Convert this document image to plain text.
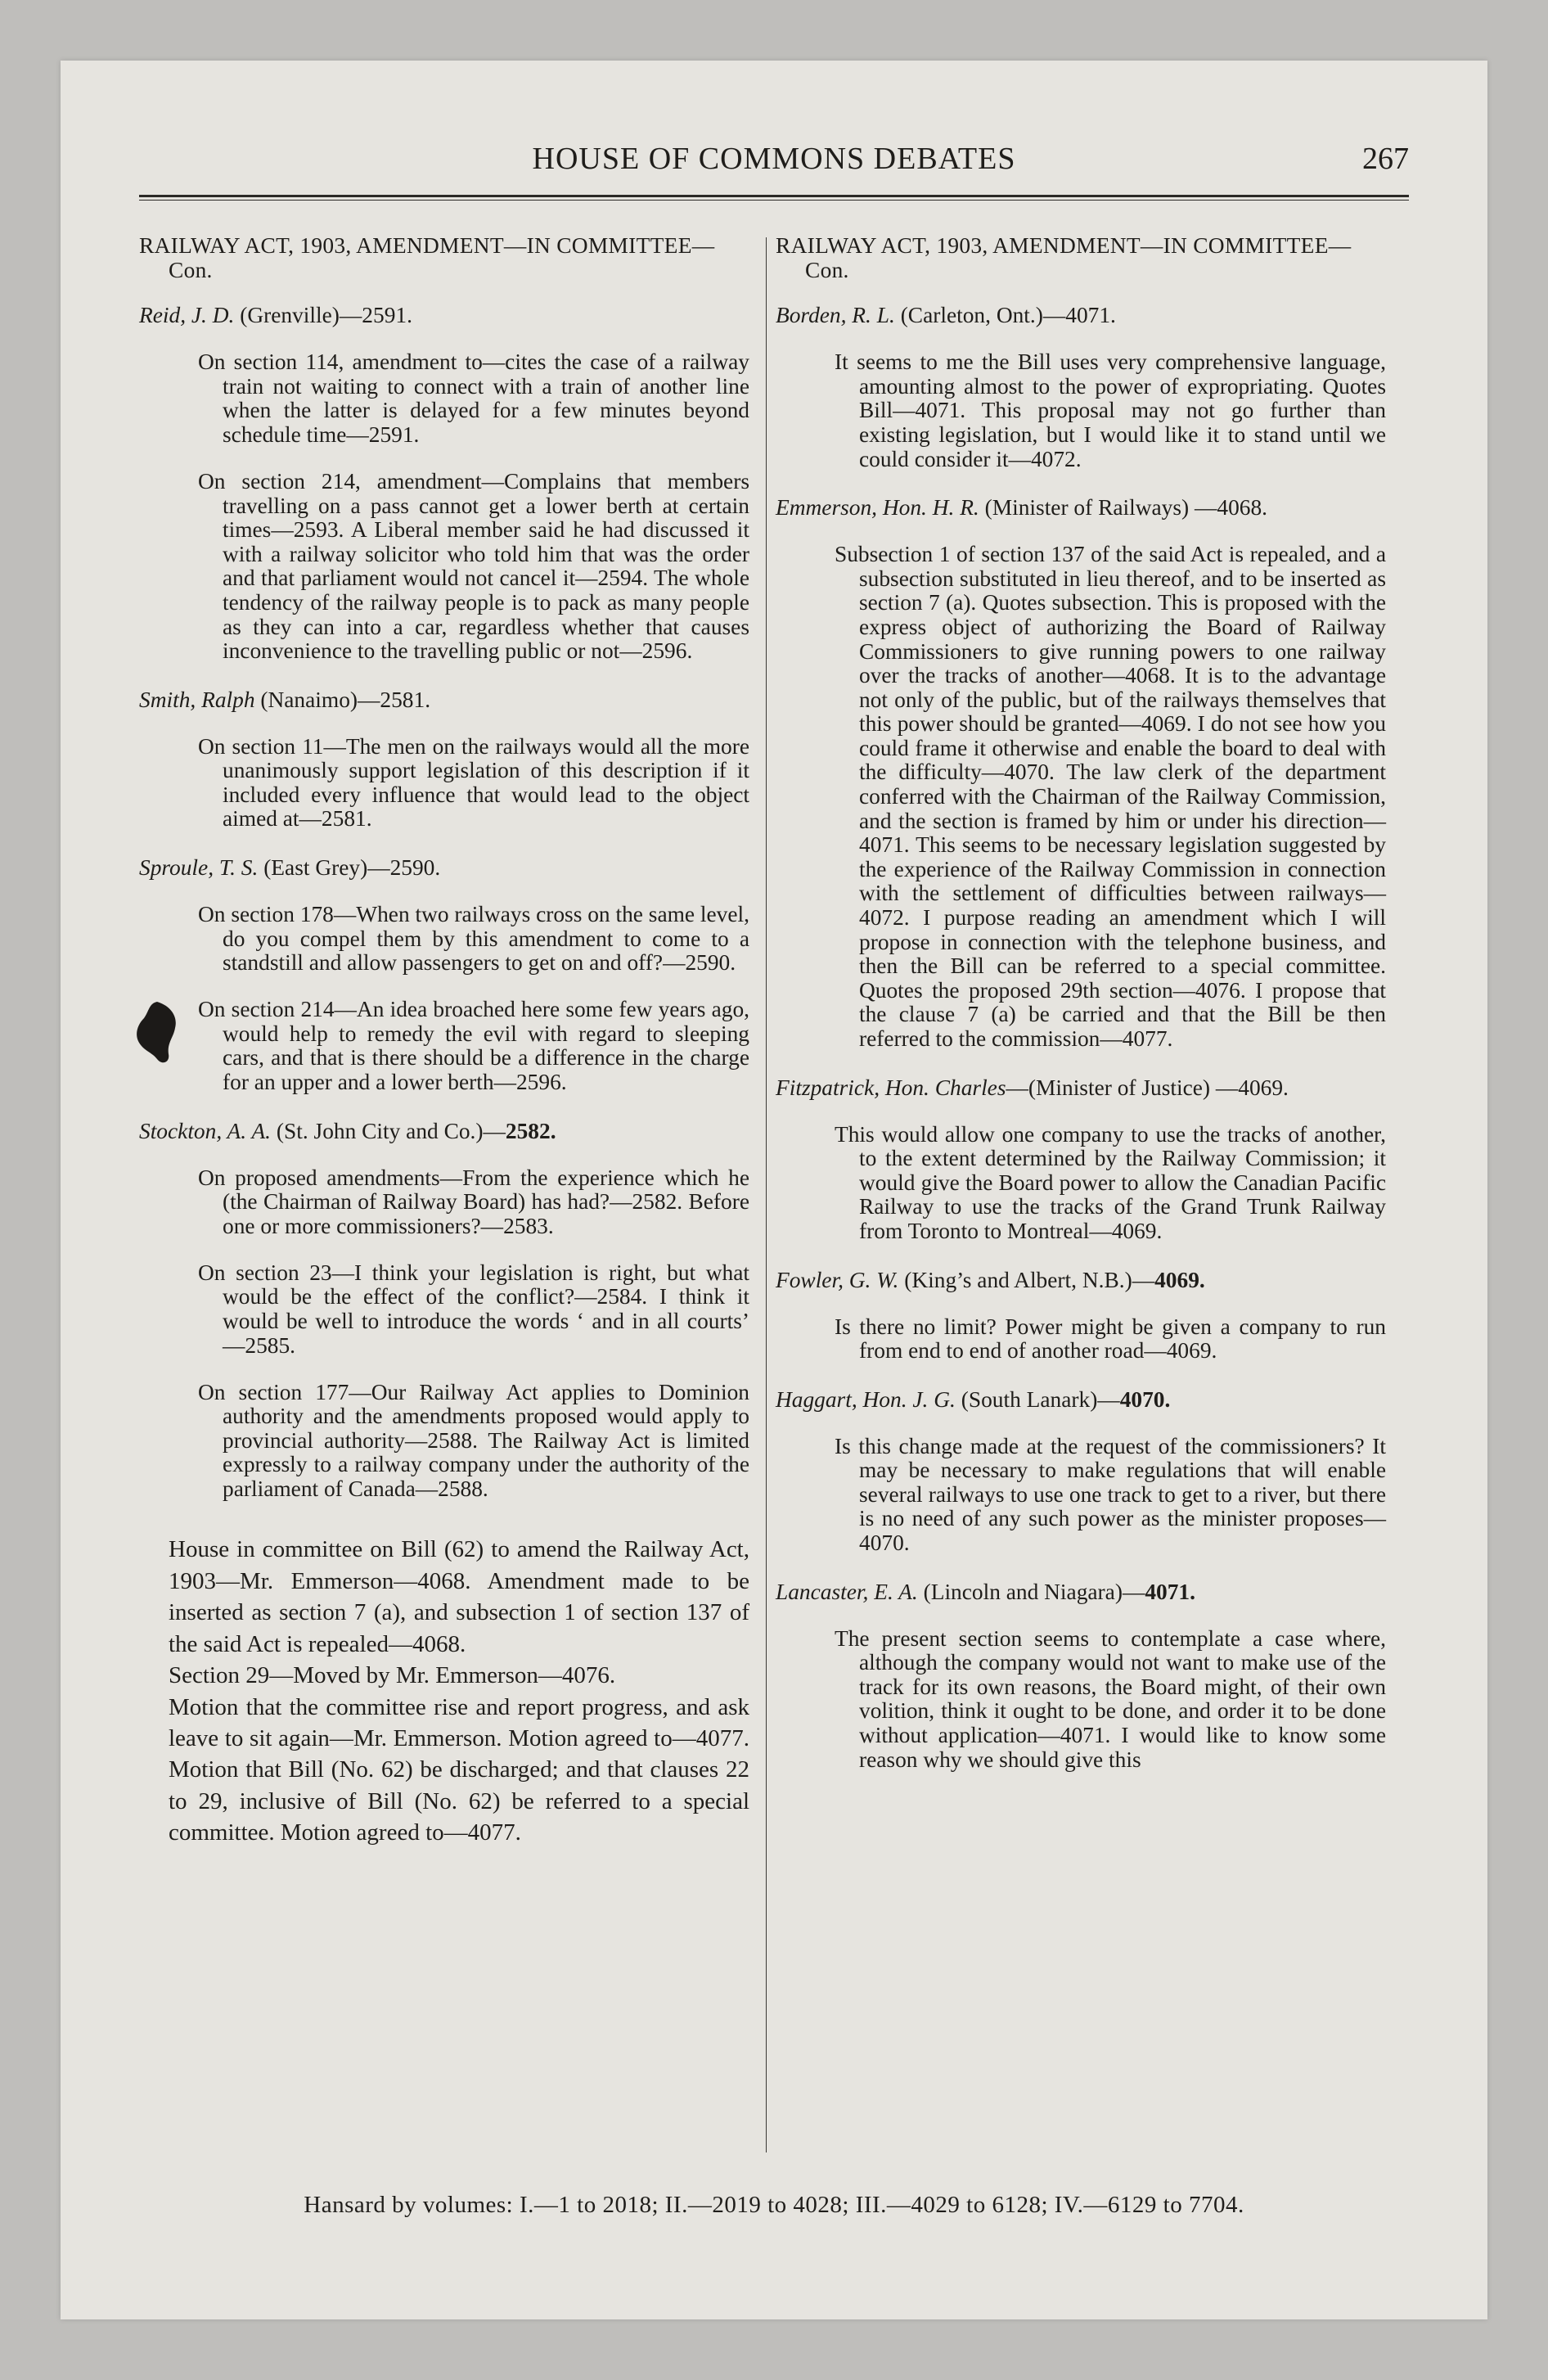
HOUSE OF COMMONS DEBATES	267
RAILWAY ACT, 1903, AMENDMENT—IN COMMITTEE—Con.
Reid, J. D. (Grenville)—2591.

On section 114, amendment to—cites the case of a railway train not waiting to connect with a train of another line when the latter is delayed for a few minutes beyond schedule time—2591.

On section 214, amendment—Complains that members travelling on a pass cannot get a lower berth at certain times—2593. A Liberal member said he had discussed it with a railway solicitor who told him that was the order and that parliament would not cancel it—2594. The whole tendency of the railway people is to pack as many people as they can into a car, regardless whether that causes inconvenience to the travelling public or not—2596.

Smith, Ralph (Nanaimo)—2581.

On section 11—The men on the railways would all the more unanimously support legislation of this description if it included every influence that would lead to the object aimed at—2581.

Sproule, T. S. (East Grey)—2590.

On section 178—When two railways cross on the same level, do you compel them by this amendment to come to a standstill and allow passengers to get on and off?—2590.

On section 214—An idea broached here some few years ago, would help to remedy the evil with regard to sleeping cars, and that is there should be a difference in the charge for an upper and a lower berth—2596.

Stockton, A. A. (St. John City and Co.)—2582.

On proposed amendments—From the experience which he (the Chairman of Railway Board) has had?—2582. Before one or more commissioners?—2583.

On section 23—I think your legislation is right, but what would be the effect of the conflict?—2584. I think it would be well to introduce the words ‘ and in all courts’ —2585.

On section 177—Our Railway Act applies to Dominion authority and the amendments proposed would apply to provincial authority—2588. The Railway Act is limited expressly to a railway company under the authority of the parliament of Canada—2588.

House in committee on Bill (62) to amend the Railway Act, 1903—Mr. Emmerson—4068. Amendment made to be inserted as section 7 (a), and subsection 1 of section 137 of the said Act is repealed—4068.

Section 29—Moved by Mr. Emmerson—4076.

Motion that the committee rise and report progress, and ask leave to sit again—Mr. Emmerson. Motion agreed to—4077. Motion that Bill (No. 62) be discharged; and that clauses 22 to 29, inclusive of Bill (No. 62) be referred to a special committee. Motion agreed to—4077.

RAILWAY ACT, 1903, AMENDMENT—IN COMMITTEE—Con.
Borden, R. L. (Carleton, Ont.)—4071.

It seems to me the Bill uses very comprehensive language, amounting almost to the power of expropriating. Quotes Bill—4071. This proposal may not go further than existing legislation, but I would like it to stand until we could consider it—4072.

Emmerson, Hon. H. R. (Minister of Railways) —4068.

Subsection 1 of section 137 of the said Act is repealed, and a subsection substituted in lieu thereof, and to be inserted as section 7 (a). Quotes subsection. This is proposed with the express object of authorizing the Board of Railway Commissioners to give running powers to one railway over the tracks of another—4068. It is to the advantage not only of the public, but of the railways themselves that this power should be granted—4069. I do not see how you could frame it otherwise and enable the board to deal with the difficulty—4070. The law clerk of the department conferred with the Chairman of the Railway Commission, and the section is framed by him or under his direction—4071. This seems to be necessary legislation suggested by the experience of the Railway Commission in connection with the settlement of difficulties between railways—4072. I purpose reading an amendment which I will propose in connection with the telephone business, and then the Bill can be referred to a special committee. Quotes the proposed 29th section—4076. I propose that the clause 7 (a) be carried and that the Bill be then referred to the commission—4077.

Fitzpatrick, Hon. Charles—(Minister of Justice) —4069.

This would allow one company to use the tracks of another, to the extent determined by the Railway Commission; it would give the Board power to allow the Canadian Pacific Railway to use the tracks of the Grand Trunk Railway from Toronto to Montreal—4069.

Fowler, G. W. (King’s and Albert, N.B.)—4069.

Is there no limit? Power might be given a company to run from end to end of another road—4069.

Haggart, Hon. J. G. (South Lanark)—4070.

Is this change made at the request of the commissioners? It may be necessary to make regulations that will enable several railways to use one track to get to a river, but there is no need of any such power as the minister proposes—4070.

Lancaster, E. A. (Lincoln and Niagara)—4071.

The present section seems to contemplate a case where, although the company would not want to make use of the track for its own reasons, the Board might, of their own volition, think it ought to be done, and order it to be done without application—4071. I would like to know some reason why we should give this

Hansard by volumes: I.—1 to 2018; II.—2019 to 4028; III.—4029 to 6128; IV.—6129 to 7704.
